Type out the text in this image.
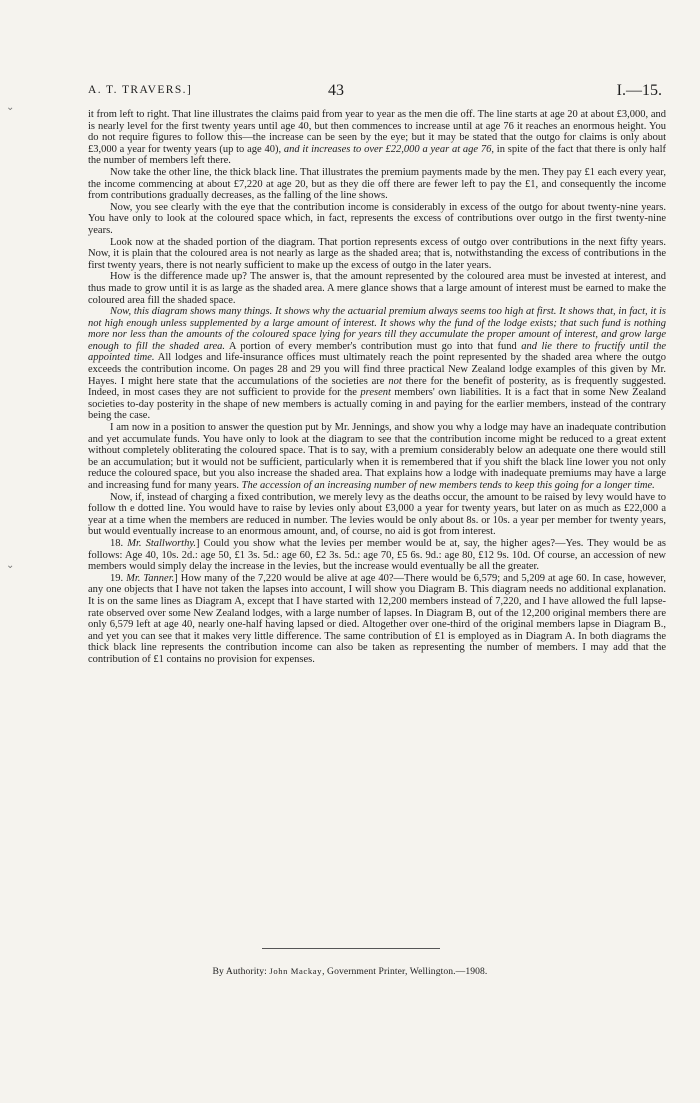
A. T. TRAVERS.]	43	I.—15.

it from left to right. That line illustrates the claims paid from year to year as the men die off. The line starts at age 20 at about £3,000, and is nearly level for the first twenty years until age 40, but then commences to increase until at age 76 it reaches an enormous height. You do not require figures to follow this—the increase can be seen by the eye; but it may be stated that the outgo for claims is only about £3,000 a year for twenty years (up to age 40), and it increases to over £22,000 a year at age 76, in spite of the fact that there is only half the number of members left there.

Now take the other line, the thick black line. That illustrates the premium payments made by the men. They pay £1 each every year, the income commencing at about £7,220 at age 20, but as they die off there are fewer left to pay the £1, and consequently the income from contributions gradually decreases, as the falling of the line shows.

Now, you see clearly with the eye that the contribution income is considerably in excess of the outgo for about twenty-nine years. You have only to look at the coloured space which, in fact, represents the excess of contributions over outgo in the first twenty-nine years.

Look now at the shaded portion of the diagram. That portion represents excess of outgo over contributions in the next fifty years. Now, it is plain that the coloured area is not nearly as large as the shaded area; that is, notwithstanding the excess of contributions in the first twenty years, there is not nearly sufficient to make up the excess of outgo in the later years.

How is the difference made up? The answer is, that the amount represented by the coloured area must be invested at interest, and thus made to grow until it is as large as the shaded area. A mere glance shows that a large amount of interest must be earned to make the coloured area fill the shaded space.

Now, this diagram shows many things. It shows why the actuarial premium always seems too high at first. It shows that, in fact, it is not high enough unless supplemented by a large amount of interest. It shows why the fund of the lodge exists; that such fund is nothing more nor less than the amounts of the coloured space lying for years till they accumulate the proper amount of interest, and grow large enough to fill the shaded area. A portion of every member's contribution must go into that fund and lie there to fructify until the appointed time. All lodges and life-insurance offices must ultimately reach the point represented by the shaded area where the outgo exceeds the contribution income. On pages 28 and 29 you will find three practical New Zealand lodge examples of this given by Mr. Hayes. I might here state that the accumulations of the societies are not there for the benefit of posterity, as is frequently suggested. Indeed, in most cases they are not sufficient to provide for the present members' own liabilities. It is a fact that in some New Zealand societies to-day posterity in the shape of new members is actually coming in and paying for the earlier members, instead of the contrary being the case.

I am now in a position to answer the question put by Mr. Jennings, and show you why a lodge may have an inadequate contribution and yet accumulate funds. You have only to look at the diagram to see that the contribution income might be reduced to a great extent without completely obliterating the coloured space. That is to say, with a premium considerably below an adequate one there would still be an accumulation; but it would not be sufficient, particularly when it is remembered that if you shift the black line lower you not only reduce the coloured space, but you also increase the shaded area. That explains how a lodge with inadequate premiums may have a large and increasing fund for many years. The accession of an increasing number of new members tends to keep this going for a longer time.

Now, if, instead of charging a fixed contribution, we merely levy as the deaths occur, the amount to be raised by levy would have to follow th e dotted line. You would have to raise by levies only about £3,000 a year for twenty years, but later on as much as £22,000 a year at a time when the members are reduced in number. The levies would be only about 8s. or 10s. a year per member for twenty years, but would eventually increase to an enormous amount, and, of course, no aid is got from interest.

18. Mr. Stallworthy.] Could you show what the levies per member would be at, say, the higher ages?—Yes. They would be as follows: Age 40, 10s. 2d.: age 50, £1 3s. 5d.: age 60, £2 3s. 5d.: age 70, £5 6s. 9d.: age 80, £12 9s. 10d. Of course, an accession of new members would simply delay the increase in the levies, but the increase would eventually be all the greater.

19. Mr. Tanner.] How many of the 7,220 would be alive at age 40?—There would be 6,579; and 5,209 at age 60. In case, however, any one objects that I have not taken the lapses into account, I will show you Diagram B. This diagram needs no additional explanation. It is on the same lines as Diagram A, except that I have started with 12,200 members instead of 7,220, and I have allowed the full lapse-rate observed over some New Zealand lodges, with a large number of lapses. In Diagram B, out of the 12,200 original members there are only 6,579 left at age 40, nearly one-half having lapsed or died. Altogether over one-third of the original members lapse in Diagram B., and yet you can see that it makes very little difference. The same contribution of £1 is employed as in Diagram A. In both diagrams the thick black line represents the contribution income can also be taken as representing the number of members. I may add that the contribution of £1 contains no provision for expenses.

By Authority: John Mackay, Government Printer, Wellington.—1908.
⌄
⌄
